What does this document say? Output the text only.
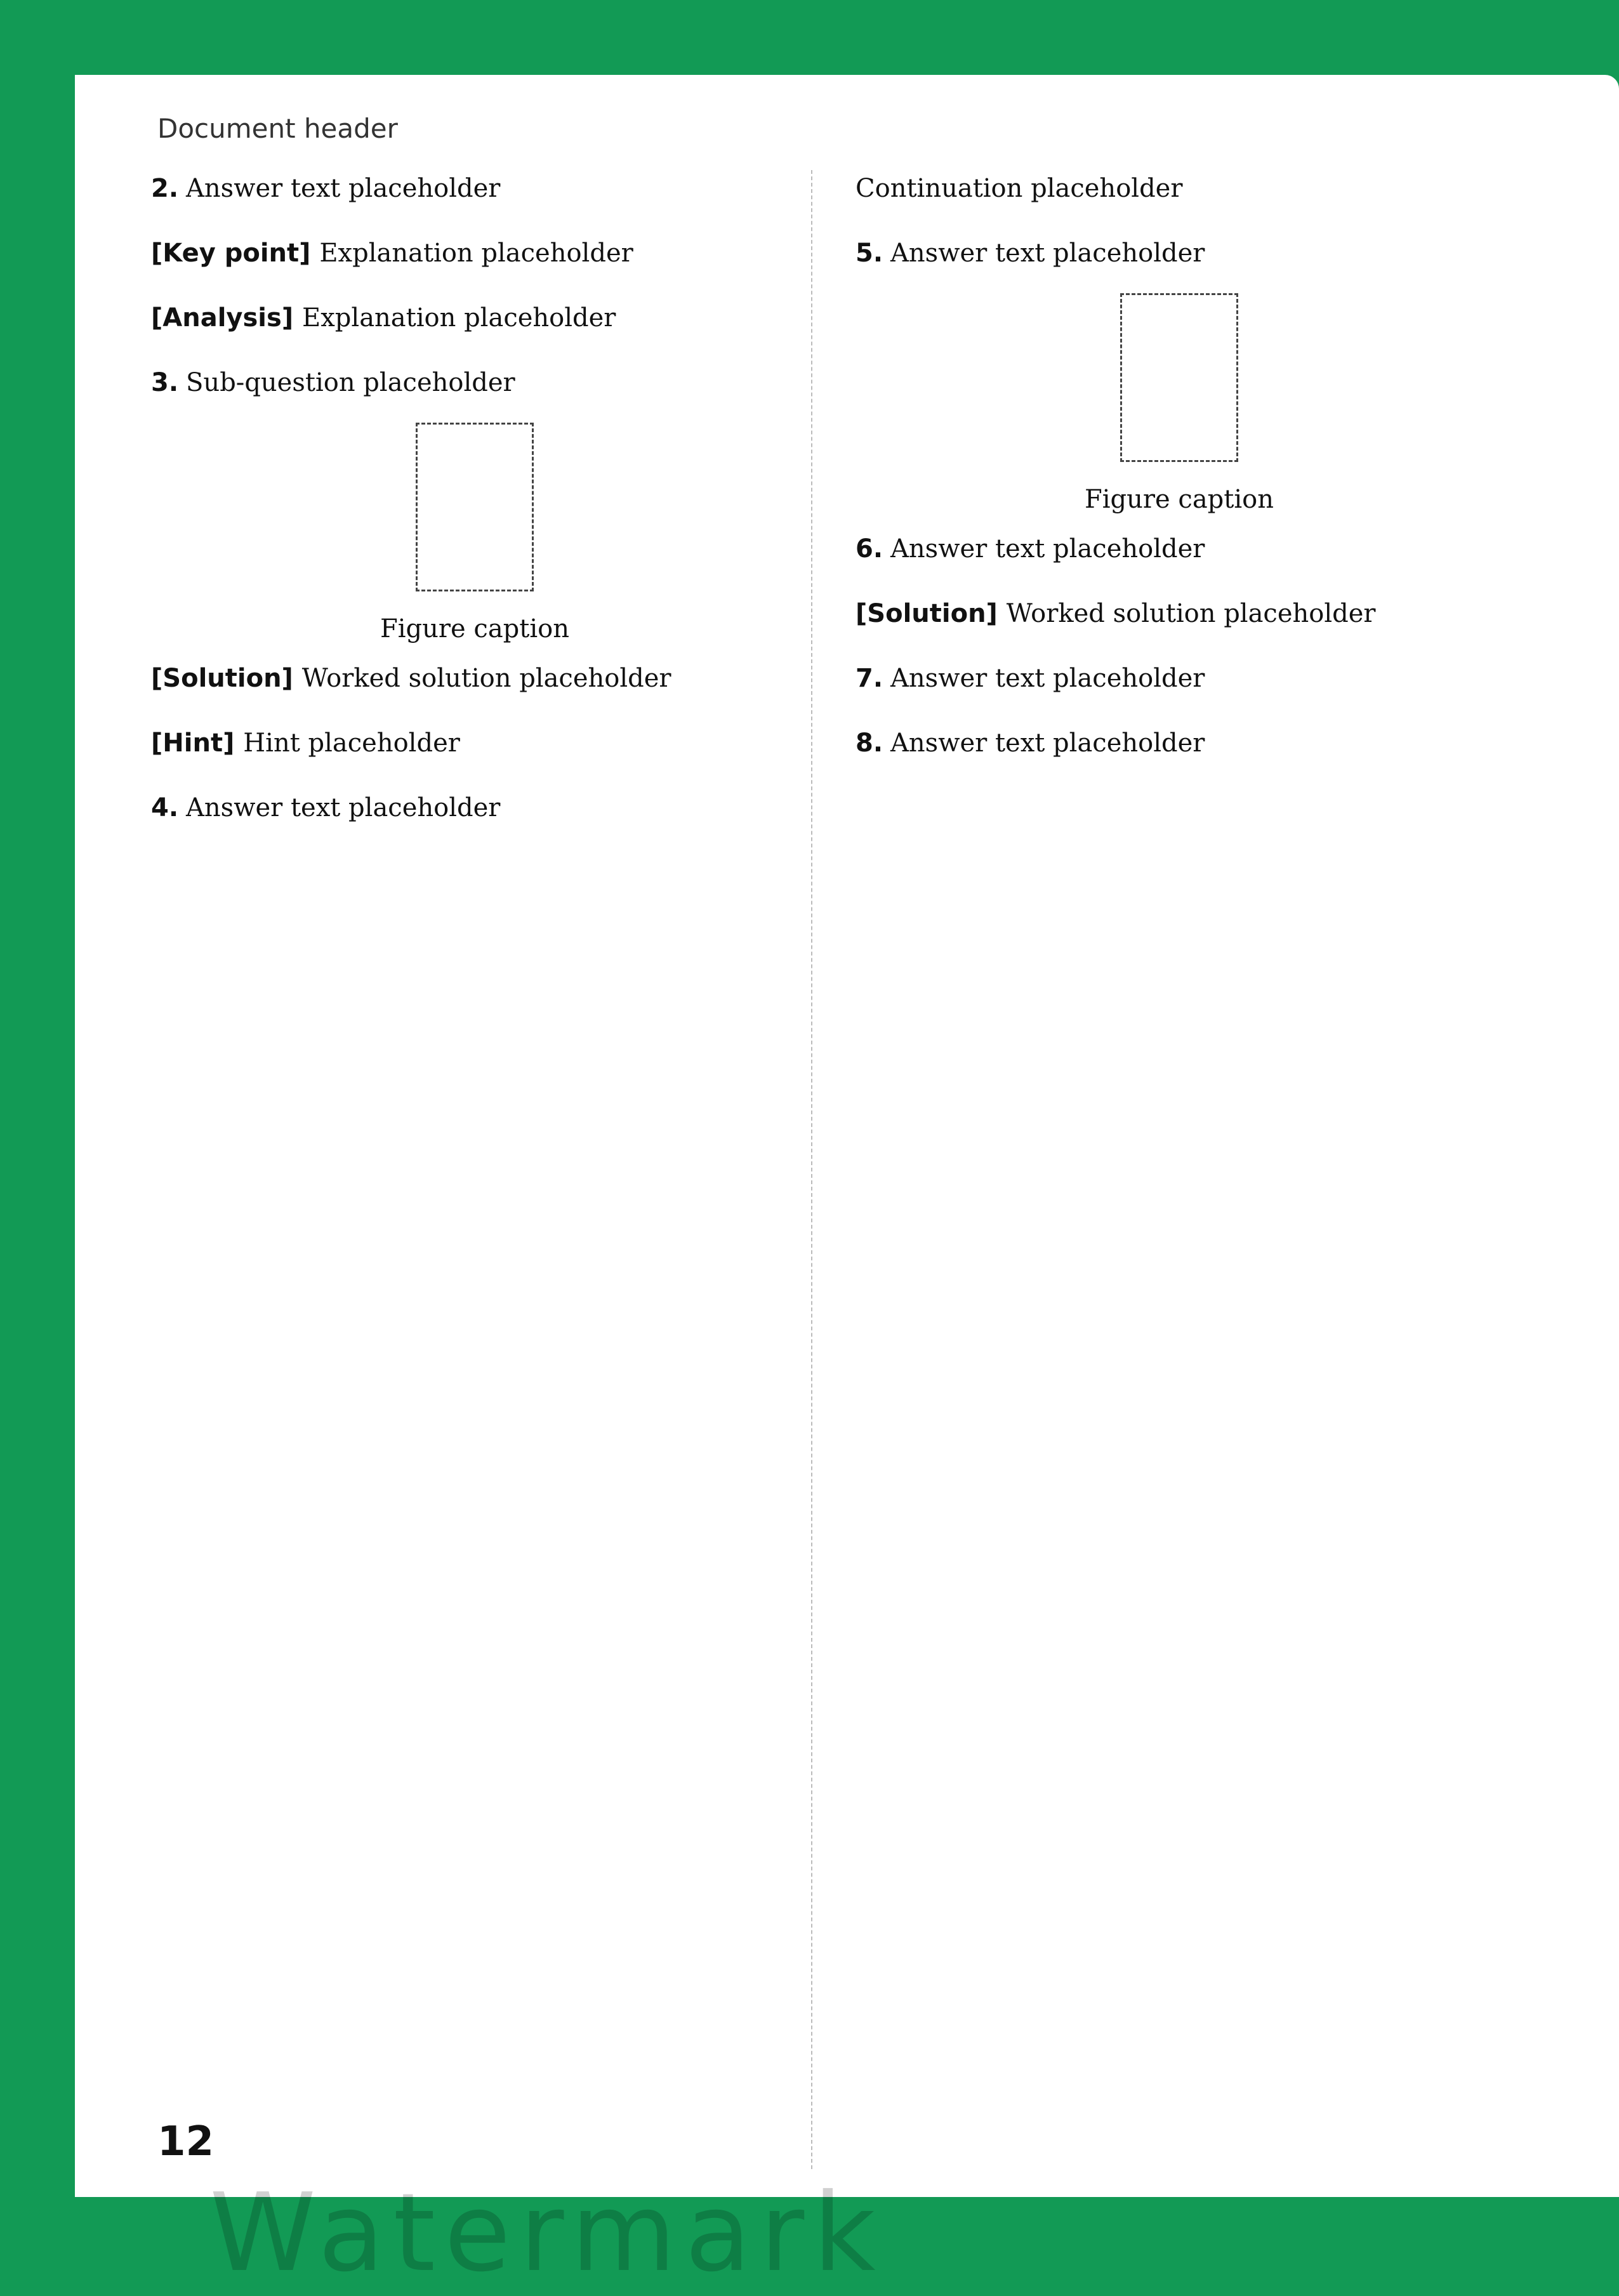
Document header
2. Answer text placeholder
[Key point] Explanation placeholder
[Analysis] Explanation placeholder
3. Sub-question placeholder
Figure caption
[Solution] Worked solution placeholder
[Hint] Hint placeholder
4. Answer text placeholder
Continuation placeholder
5. Answer text placeholder
Figure caption
6. Answer text placeholder
[Solution] Worked solution placeholder
7. Answer text placeholder
8. Answer text placeholder
12
Watermark
